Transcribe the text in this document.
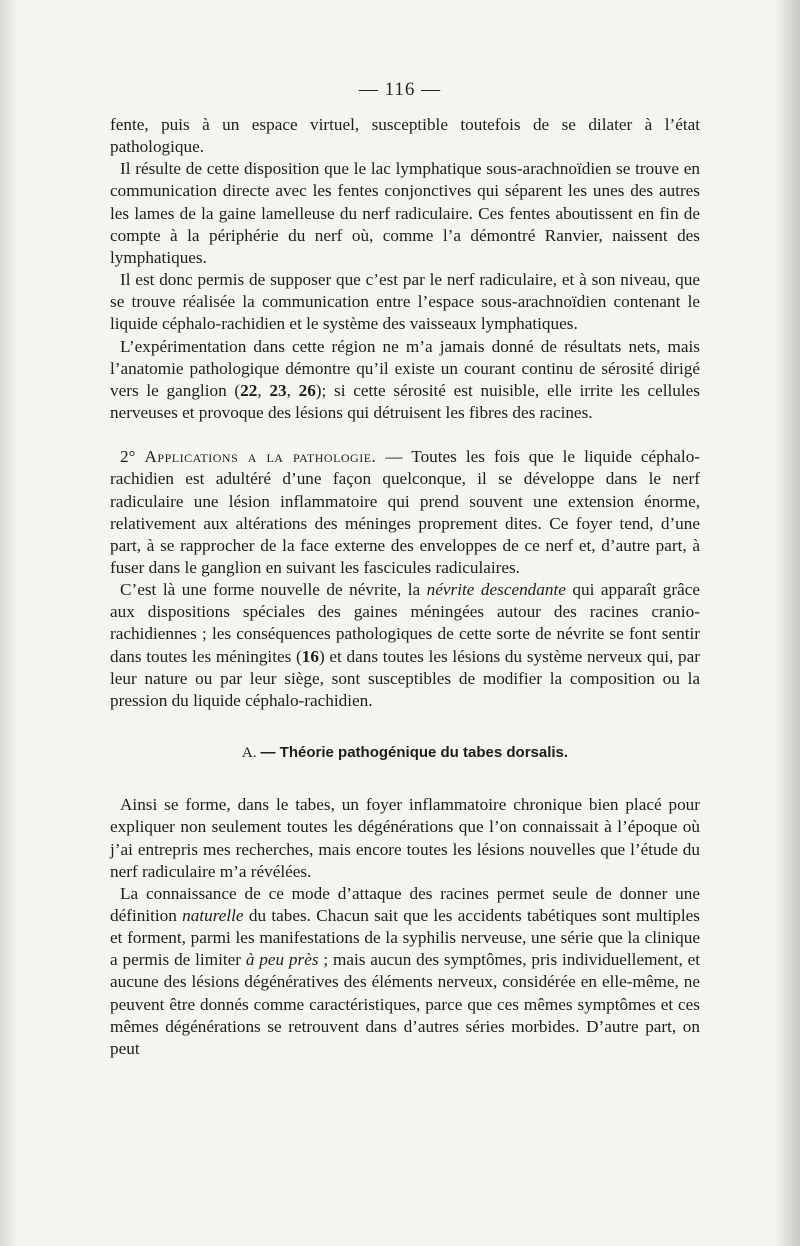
— 116 —

fente, puis à un espace virtuel, susceptible toutefois de se dilater à l’état pathologique.

Il résulte de cette disposition que le lac lymphatique sous-arachnoïdien se trouve en communication directe avec les fentes conjonctives qui séparent les unes des autres les lames de la gaine lamelleuse du nerf radiculaire. Ces fentes aboutissent en fin de compte à la périphérie du nerf où, comme l’a démontré Ranvier, naissent des lymphatiques.

Il est donc permis de supposer que c’est par le nerf radiculaire, et à son niveau, que se trouve réalisée la communication entre l’espace sous-arachnoïdien contenant le liquide céphalo-rachidien et le système des vaisseaux lymphatiques.

L’expérimentation dans cette région ne m’a jamais donné de résultats nets, mais l’anatomie pathologique démontre qu’il existe un courant continu de sérosité dirigé vers le ganglion (22, 23, 26); si cette sérosité est nuisible, elle irrite les cellules nerveuses et provoque des lésions qui détruisent les fibres des racines.

2° Applications a la pathologie. — Toutes les fois que le liquide céphalo-rachidien est adultéré d’une façon quelconque, il se développe dans le nerf radiculaire une lésion inflammatoire qui prend souvent une extension énorme, relativement aux altérations des méninges proprement dites. Ce foyer tend, d’une part, à se rapprocher de la face externe des enveloppes de ce nerf et, d’autre part, à fuser dans le ganglion en suivant les fascicules radiculaires.

C’est là une forme nouvelle de névrite, la névrite descendante qui apparaît grâce aux dispositions spéciales des gaines méningées autour des racines cranio-rachidiennes ; les conséquences pathologiques de cette sorte de névrite se font sentir dans toutes les méningites (16) et dans toutes les lésions du système nerveux qui, par leur nature ou par leur siège, sont susceptibles de modifier la composition ou la pression du liquide céphalo-rachidien.

A. — Théorie pathogénique du tabes dorsalis.

Ainsi se forme, dans le tabes, un foyer inflammatoire chronique bien placé pour expliquer non seulement toutes les dégénérations que l’on connaissait à l’époque où j’ai entrepris mes recherches, mais encore toutes les lésions nouvelles que l’étude du nerf radiculaire m’a révélées.

La connaissance de ce mode d’attaque des racines permet seule de donner une définition naturelle du tabes. Chacun sait que les accidents tabétiques sont multiples et forment, parmi les manifestations de la syphilis nerveuse, une série que la clinique a permis de limiter à peu près ; mais aucun des symptômes, pris individuellement, et aucune des lésions dégénératives des éléments nerveux, considérée en elle-même, ne peuvent être donnés comme caractéristiques, parce que ces mêmes symptômes et ces mêmes dégénérations se retrouvent dans d’autres séries morbides. D’autre part, on peut
